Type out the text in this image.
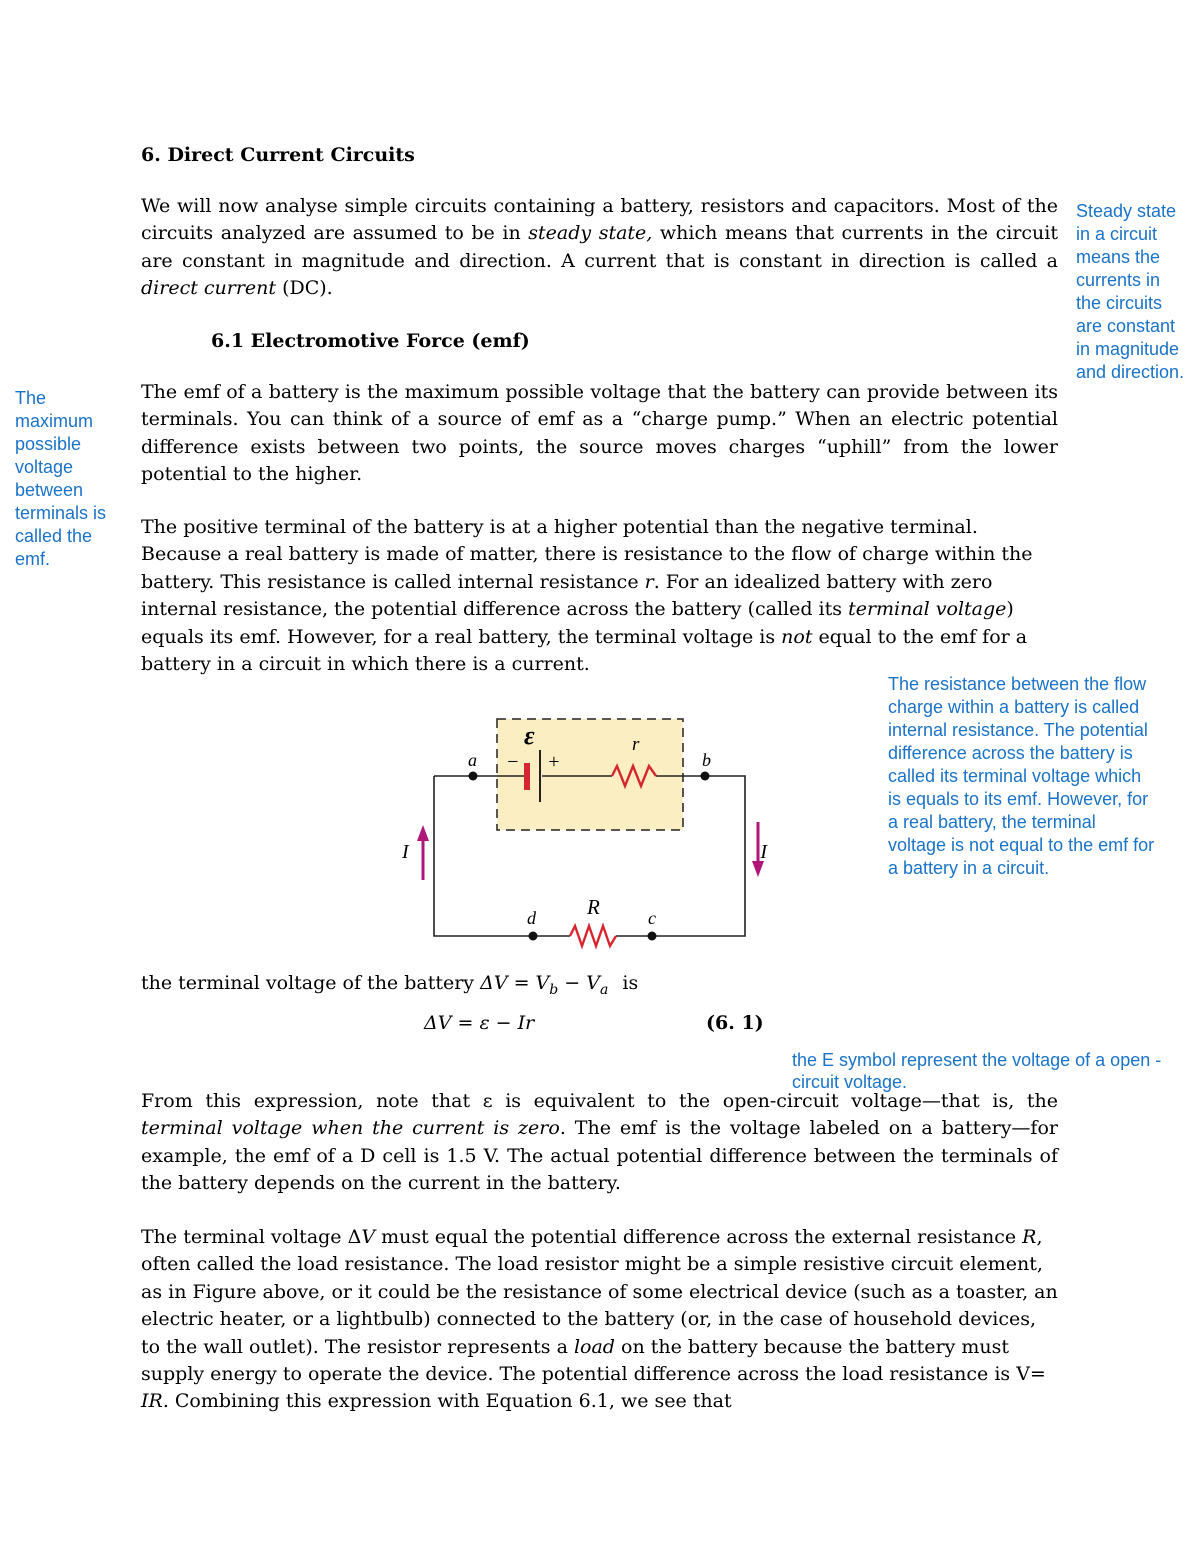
6. Direct Current Circuits
We will now analyse simple circuits containing a battery, resistors and capacitors. Most of the circuits analyzed are assumed to be in steady state, which means that currents in the circuit are constant in magnitude and direction. A current that is constant in direction is called a direct current (DC).
6.1 Electromotive Force (emf)
The emf of a battery is the maximum possible voltage that the battery can provide between its terminals. You can think of a source of emf as a “charge pump.” When an electric potential difference exists between two points, the source moves charges “uphill” from the lower potential to the higher.
The positive terminal of the battery is at a higher potential than the negative terminal. Because a real battery is made of matter, there is resistance to the flow of charge within the battery. This resistance is called internal resistance r. For an idealized battery with zero internal resistance, the potential difference across the battery (called its terminal voltage) equals its emf. However, for a real battery, the terminal voltage is not equal to the emf for a battery in a circuit in which there is a current.
ε	r
R
a	b
c
d
− +
I	I
the terminal voltage of the battery $\Delta V = V_b - V_a$ is
ΔV = ε − Ir	(6. 1)
From this expression, note that ε is equivalent to the open-circuit voltage—that is, the terminal voltage when the current is zero. The emf is the voltage labeled on a battery—for example, the emf of a D cell is 1.5 V. The actual potential difference between the terminals of the battery depends on the current in the battery.
The terminal voltage ΔV must equal the potential difference across the external resistance R, often called the load resistance. The load resistor might be a simple resistive circuit element, as in Figure above, or it could be the resistance of some electrical device (such as a toaster, an electric heater, or a lightbulb) connected to the battery (or, in the case of household devices, to the wall outlet). The resistor represents a load on the battery because the battery must supply energy to operate the device. The potential difference across the load resistance is V= IR. Combining this expression with Equation 6.1, we see that
The maximum possible voltage between terminals is called the emf.
Steady state in a circuit means the currents in the circuits are constant in magnitude and direction.
The resistance between the flow charge within a battery is called internal resistance. The potential difference across the battery is called its terminal voltage which is equals to its emf. However, for a real battery, the terminal voltage is not equal to the emf for a battery in a circuit.
the E symbol represent the voltage of a open - circuit voltage.
